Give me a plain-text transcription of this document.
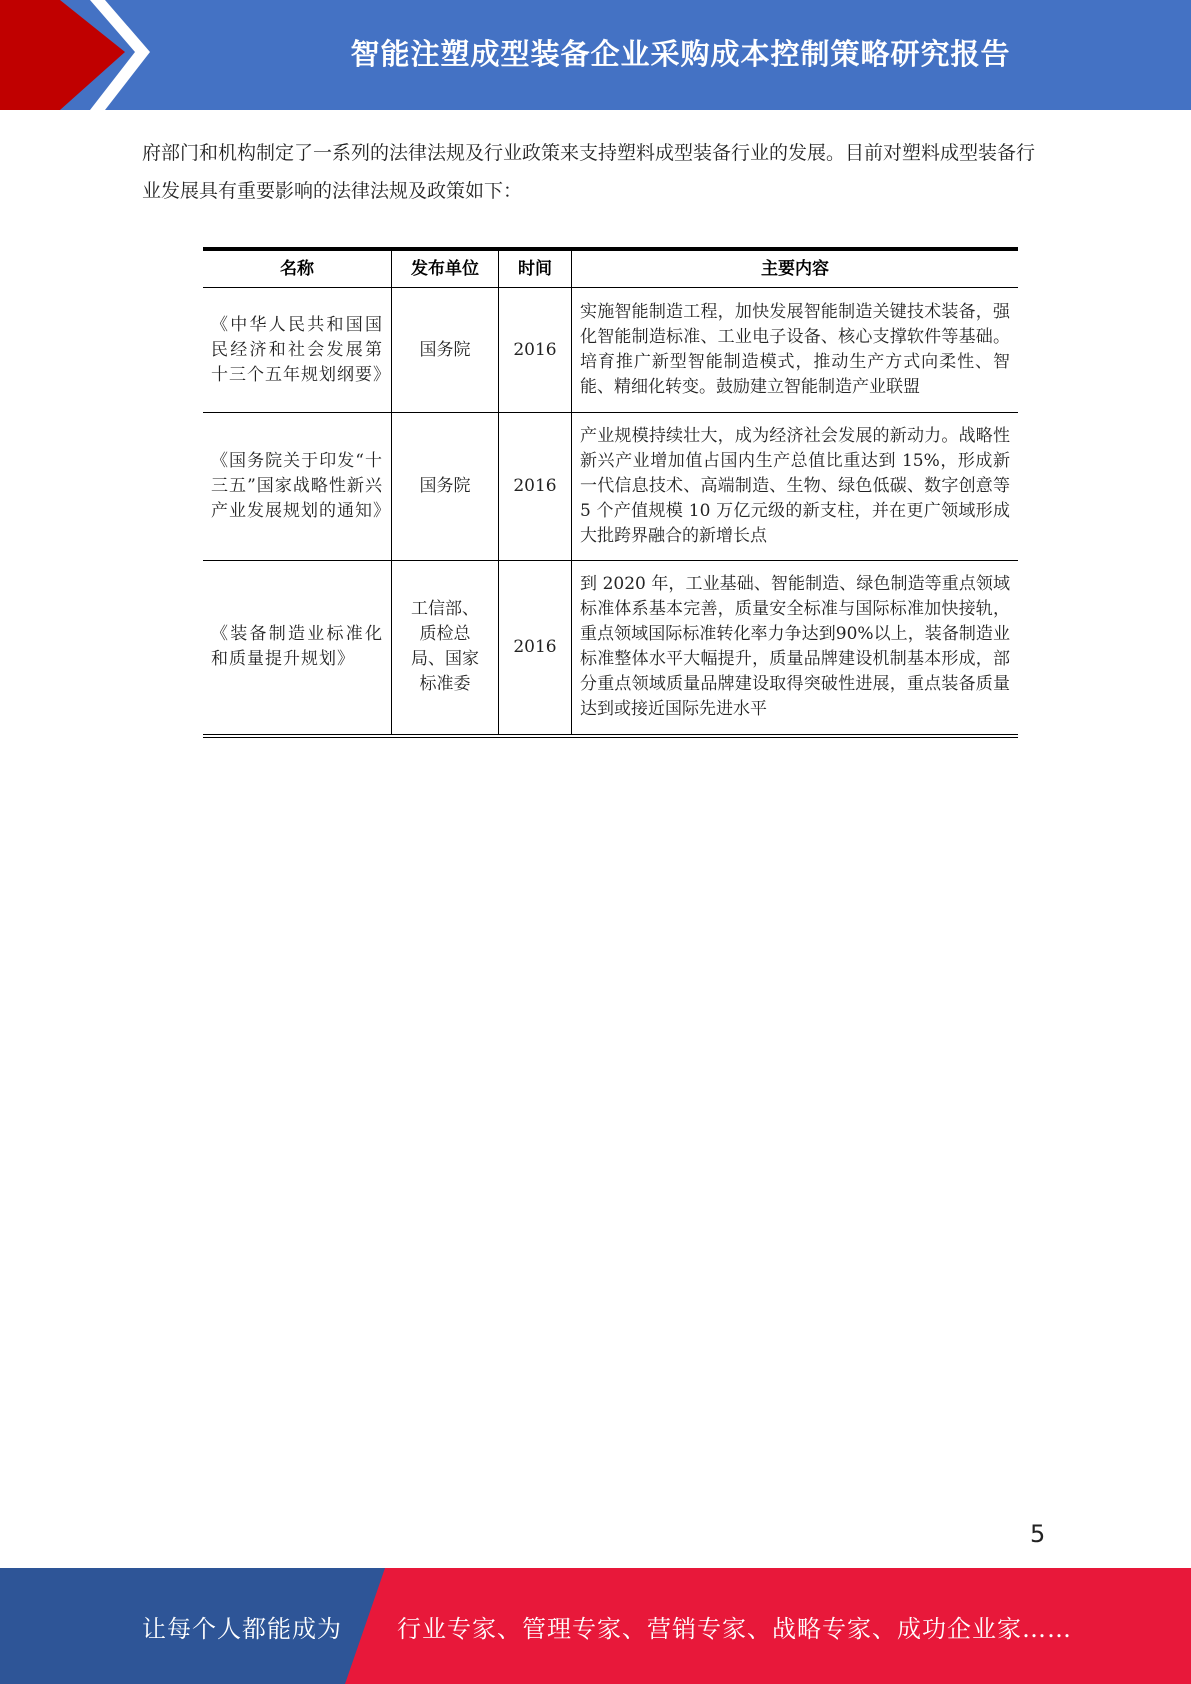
智能注塑成型装备企业采购成本控制策略研究报告

府部门和机构制定了一系列的法律法规及行业政策来支持塑料成型装备行业的发展。目前对塑料成型装备行业发展具有重要影响的法律法规及政策如下：

名称	发布单位	时间	主要内容
《中华人民共和国国民经济和社会发展第十三个五年规划纲要》	国务院	2016	实施智能制造工程，加快发展智能制造关键技术装备，强化智能制造标准、工业电子设备、核心支撑软件等基础。培育推广新型智能制造模式，推动生产方式向柔性、智能、精细化转变。鼓励建立智能制造产业联盟
《国务院关于印发“十三五”国家战略性新兴产业发展规划的通知》	国务院	2016	产业规模持续壮大，成为经济社会发展的新动力。战略性新兴产业增加值占国内生产总值比重达到 15%，形成新一代信息技术、高端制造、生物、绿色低碳、数字创意等 5 个产值规模 10 万亿元级的新支柱，并在更广领域形成大批跨界融合的新增长点
《装备制造业标准化和质量提升规划》	工信部、质检总局、国家标准委	2016	到 2020 年，工业基础、智能制造、绿色制造等重点领域标准体系基本完善，质量安全标准与国际标准加快接轨，重点领域国际标准转化率力争达到90%以上，装备制造业标准整体水平大幅提升，质量品牌建设机制基本形成，部分重点领域质量品牌建设取得突破性进展，重点装备质量达到或接近国际先进水平
5
让每个人都能成为 行业专家、管理专家、营销专家、战略专家、成功企业家……
